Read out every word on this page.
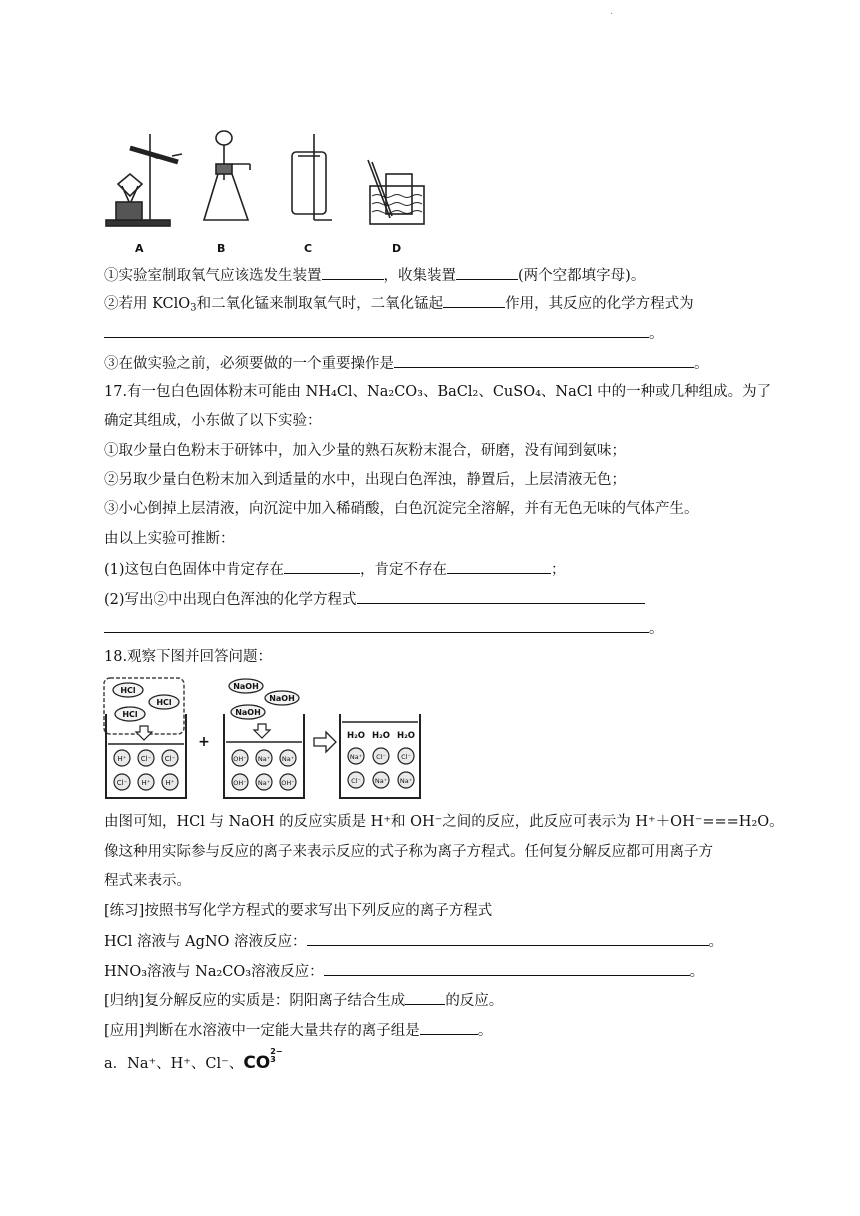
.
A	B	C	D
①实验室制取氧气应该选发生装置	，收集装置	(两个空都填字母)。
②若用 KClO$_3$和二氧化锰来制取氧气时，二氧化锰起	作用，其反应的化学方程式为
。
③在做实验之前，必须要做的一个重要操作是	。
17.有一包白色固体粉末可能由 NH₄Cl、Na₂CO₃、BaCl₂、CuSO₄、NaCl 中的一种或几种组成。为了
确定其组成，小东做了以下实验：
①取少量白色粉末于研钵中，加入少量的熟石灰粉末混合，研磨，没有闻到氨味；
②另取少量白色粉末加入到适量的水中，出现白色浑浊，静置后，上层清液无色；
③小心倒掉上层清液，向沉淀中加入稀硝酸，白色沉淀完全溶解，并有无色无味的气体产生。
由以上实验可推断：
(1)这包白色固体中肯定存在	，肯定不存在	；
(2)写出②中出现白色浑浊的化学方程式
。
18.观察下图并回答问题：
HCl
HCl
HCl
H⁺ Cl⁻ Cl⁻
Cl⁻ H⁺ H⁺
+
NaOH
NaOH
NaOH
OH⁻ Na⁺ Na⁺
OH⁻ Na⁺ OH⁻
H₂O H₂O H₂O
Na⁺ Cl⁻ Cl⁻
Cl⁻ Na⁺ Na⁺
由图可知，HCl 与 NaOH 的反应实质是 H⁺和 OH⁻之间的反应，此反应可表示为 H⁺＋OH⁻===H₂O。
像这种用实际参与反应的离子来表示反应的式子称为离子方程式。任何复分解反应都可用离子方
程式来表示。
[练习]按照书写化学方程式的要求写出下列反应的离子方程式
HCl 溶液与 AgNO 溶液反应：	。
HNO₃溶液与 Na₂CO₃溶液反应：	。
[归纳]复分解反应的实质是：阴阳离子结合生成	的反应。
[应用]判断在水溶液中一定能大量共存的离子组是	。
a．Na⁺、H⁺、Cl⁻、CO
2−
3
